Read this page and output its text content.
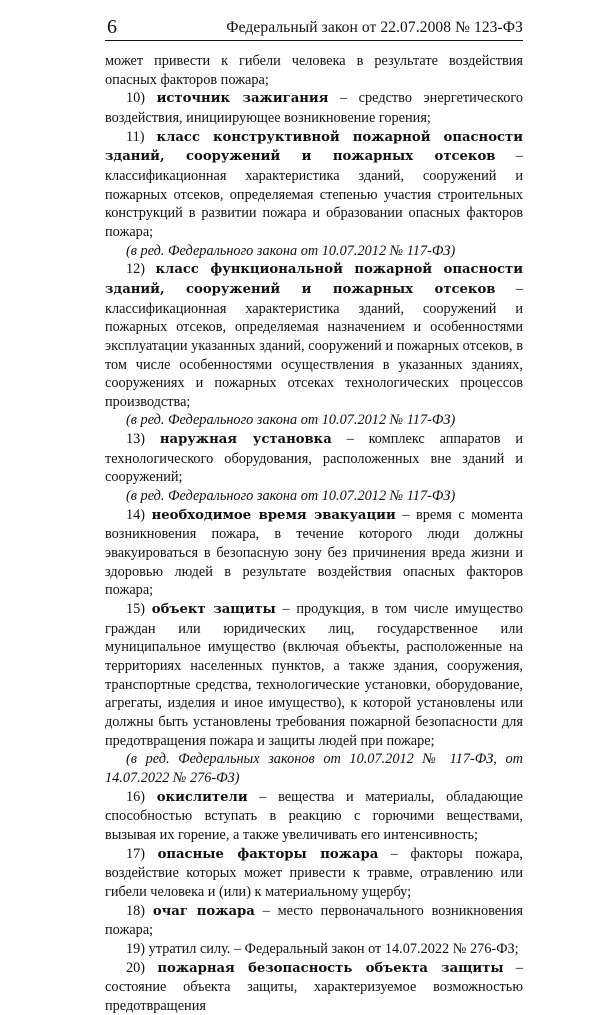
6	Федеральный закон от 22.07.2008 № 123-ФЗ

может привести к гибели человека в результате воздействия опасных факторов пожара;

10) источник зажигания – средство энергетического воздействия, инициирующее возникновение горения;

11) класс конструктивной пожарной опасности зданий, сооружений и пожарных отсеков – классификационная характеристика зданий, сооружений и пожарных отсеков, определяемая степенью участия строительных конструкций в развитии пожара и образовании опасных факторов пожара;

(в ред. Федерального закона от 10.07.2012 № 117-ФЗ)

12) класс функциональной пожарной опасности зданий, сооружений и пожарных отсеков – классификационная характеристика зданий, сооружений и пожарных отсеков, определяемая назначением и особенностями эксплуатации указанных зданий, сооружений и пожарных отсеков, в том числе особенностями осуществления в указанных зданиях, сооружениях и пожарных отсеках технологических процессов производства;

(в ред. Федерального закона от 10.07.2012 № 117-ФЗ)

13) наружная установка – комплекс аппаратов и технологического оборудования, расположенных вне зданий и сооружений;

(в ред. Федерального закона от 10.07.2012 № 117-ФЗ)

14) необходимое время эвакуации – время с момента возникновения пожара, в течение которого люди должны эвакуироваться в безопасную зону без причинения вреда жизни и здоровью людей в результате воздействия опасных факторов пожара;

15) объект защиты – продукция, в том числе имущество граждан или юридических лиц, государственное или муниципальное имущество (включая объекты, расположенные на территориях населенных пунктов, а также здания, сооружения, транспортные средства, технологические установки, оборудование, агрегаты, изделия и иное имущество), к которой установлены или должны быть установлены требования пожарной безопасности для предотвращения пожара и защиты людей при пожаре;

(в ред. Федеральных законов от 10.07.2012 № 117-ФЗ, от 14.07.2022 № 276-ФЗ)

16) окислители – вещества и материалы, обладающие способностью вступать в реакцию с горючими веществами, вызывая их горение, а также увеличивать его интенсивность;

17) опасные факторы пожара – факторы пожара, воздействие которых может привести к травме, отравлению или гибели человека и (или) к материальному ущербу;

18) очаг пожара – место первоначального возникновения пожара;

19) утратил силу. – Федеральный закон от 14.07.2022 № 276-ФЗ;

20) пожарная безопасность объекта защиты – состояние объекта защиты, характеризуемое возможностью предотвращения
